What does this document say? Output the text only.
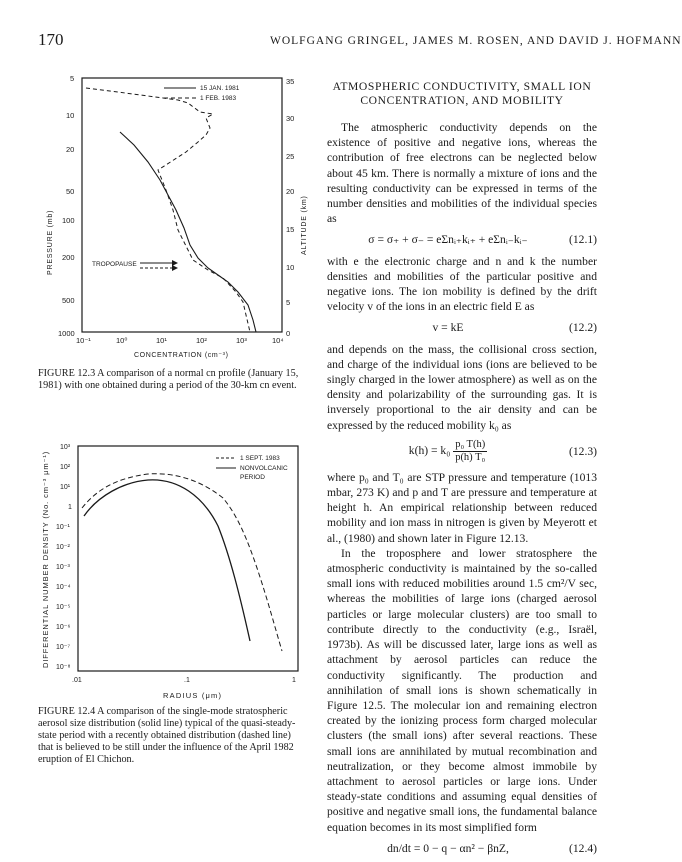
170	WOLFGANG GRINGEL, JAMES M. ROSEN, AND DAVID J. HOFMANN
5
10
20
50
100
200
500
1000
35
30
25
20
15
10
5
0
10⁻¹	10⁰	10¹	10²	10³	10⁴
CONCENTRATION (cm⁻³)
PRESSURE (mb)	ALTITUDE (km)
15 JAN. 1981
1 FEB. 1983
TROPOPAUSE
FIGURE 12.3 A comparison of a normal cn profile (January 15, 1981) with one obtained during a period of the 30-km cn event.
10³
10²
10¹
1
10⁻¹
10⁻²
10⁻³
10⁻⁴
10⁻⁵
10⁻⁶
10⁻⁷
10⁻⁸
.01	.1	1
RADIUS (μm)
DIFFERENTIAL NUMBER DENSITY (No. cm⁻³ μm⁻¹)	1 SEPT. 1983
NONVOLCANIC
PERIOD
FIGURE 12.4 A comparison of the single-mode stratospheric aerosol size distribution (solid line) typical of the quasi-steady-state period with a recently obtained distribution (dashed line) that is believed to be still under the influence of the April 1982 eruption of El Chichon.
ATMOSPHERIC CONDUCTIVITY, SMALL ION CONCENTRATION, AND MOBILITY

The atmospheric conductivity depends on the existence of positive and negative ions, whereas the contribution of free electrons can be neglected below about 45 km. There is normally a mixture of ions and the resulting conductivity can be expressed in terms of the number densities and mobilities of the individual species as

σ = σ₊ + σ₋ = eΣnᵢ₊kᵢ₊ + eΣnᵢ₋kᵢ₋	(12.1)

with e the electronic charge and n and k the number densities and mobilities of the particular positive and negative ions. The ion mobility is defined by the drift velocity v of the ions in an electric field E as

v = kE	(12.2)

and depends on the mass, the collisional cross section, and charge of the individual ions (ions are believed to be singly charged in the lower atmosphere) as well as on the density and polarizability of the surrounding gas. It is inversely proportional to the air density and can be expressed by the reduced mobility k₀ as

$k(h) = k_0 \frac{\text{p₀ T(h)}}{\text{p(h) T₀}}$	(12.3)

where p₀ and T₀ are STP pressure and temperature (1013 mbar, 273 K) and p and T are pressure and temperature at height h. An empirical relationship between reduced mobility and ion mass in nitrogen is given by Meyerott et al., (1980) and shown later in Figure 12.13.

In the troposphere and lower stratosphere the atmospheric conductivity is maintained by the so-called small ions with reduced mobilities around 1.5 cm²/V sec, whereas the mobilities of large ions (charged aerosol particles or large molecular clusters) are too small to contribute directly to the conductivity (e.g., Israël, 1973b). As will be discussed later, large ions as well as attachment by aerosol particles can reduce the conductivity significantly. The production and annihilation of small ions is shown schematically in Figure 12.5. The molecular ion and remaining electron created by the ionizing process form charged molecular clusters (the small ions) after several reactions. These small ions are annihilated by mutual recombination and neutralization, or they become almost immobile by attachment to aerosol particles or large ions. Under steady-state conditions and assuming equal densities of positive and negative small ions, the fundamental balance equation becomes in its most simplified form

dn/dt = 0 − q − αn² − βnZ,	(12.4)
